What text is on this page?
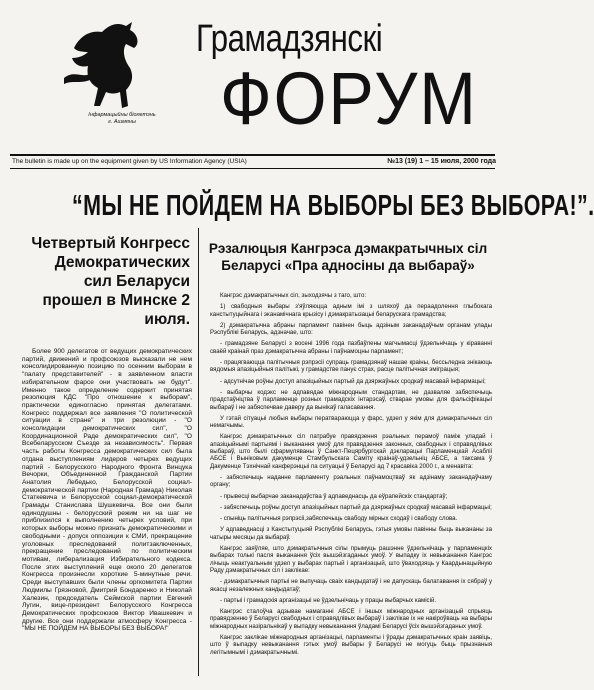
Інфармацыйны біолетэнь
г. Ашмяны
Грамадзянскі
ФОРУМ
The bulletin is made up on the equipment given by US Information Agency (USIA)	№13 (19) 1 – 15 июля, 2000 года
“МЫ НЕ ПОЙДЕМ НА ВЫБОРЫ БЕЗ ВЫБОРА!”.
Четвертый Конгресс Демократических сил Беларуси прошел в Минске 2 июля.

Более 900 делегатов от ведущих демократических партий, движений и профсоюзов высказали не нем консолидированную позицию по осенним выборам в "палату представителей" - в заявленном власти избирательном фарсе они участвовать не будут". Именно такое определение содержит принятая резолюция КДС "Про отношение к выборам", практически единогласно принятая делегатами. Конгресс поддержал все заявления "О политической ситуации в стране" и три резолюции - "О консолидации демократических сил", "О Координационной Раде демократических сил", "О Всебеларусском Съезде за независимость". Первая часть работы Конгресса демократических сил была отдана выступлениям лидеров четырех ведущих партий - Белорусского Народного Фронта Винцука Вечорки, Объединенной Гражданской Партии Анатолия Лебедько, Белорусской социал-демократической партии (Народная Грамада) Николая Статкевича и Белорусской социал-демократической Грамады Станислава Шушкевича. Все они были единодушны - белорусский режим ни на шаг не приблизился к выполнению четырех условий, при которых выборы можно признать демократическими и свободными - допуск оппозиции к СМИ, прекращение уголовных преследований политзаключенных, прекращение преследований по политическим мотивам, либерализация Избирательного кодекса. После этих выступлений еще около 20 делегатов Конгресса произнесли короткие 5-минутные речи. Среди выступавших были члены оргкомитета Партии Людмилы Грязновой, Дмитрий Бондаренко и Николай Халезин, председатель Сеймской партии Евгений Лугин, вице-президент Белорусского Конгресса Демократических профсоюзов Виктор Ивашкевич и другие. Все они поддержали атмосферу Конгресса - "МЫ НЕ ПОЙДЕМ НА ВЫБОРЫ БЕЗ ВЫБОРА!"

Рэзалюцыя Кангрэса дэмакратычных сіл Беларусі «Пра адносіны да выбараў»

Кангрэс дэмакратычных сіл, зыходзячы з таго, што:

1) свабодныя выбары з'яўляюцца адным імі з шляхоў да пераадолення глыбокага канстытуцыйнага і эканамічнага крызісу і дэмакратызацыі беларускага грамадства;

2) дэмакратычна абраны парламент павінен быць адзіным заканадаўчым органам улады Рэспублікі Беларусь, адзначае, што:

- грамадзяне Беларусі з восені 1996 года пазбаўлены магчымасці ўдзельнічаць у кіраванні сваёй краінай праз дэмакратычна абраны і паўнамоцны парламент;

- працягваюцца палітычныя рэпрэсіі супраць грамадзянаў нашае краіны, бессьледна знікаюць вядомыя апазіцыйныя палітыкі, у грамадстве панує страх, расце палітычная эміграцыя;

- адсутнічае роўны доступ апазіцыйных партый да дзяржаўных сродкаў масавай інфармацыі;

- выбарчы кодэкс не адпавядае міжнародным стандартам, не дазваляе забяспечыць прадстаўніцтва ў парламенце розных грамадскіх інтарэсаў, стварае умовы для фальсіфікацыі выбараў і не забяспечвае даверу да вынікаў галасавання.

У гэтай сітуацыі любыя выбары ператвараюцца у фарс, удзел у якім для дэмакратычных сіл немагчымы.

Кангрэс дэмакратычных сіл патрабуе правядзення рэальных перамоў паміж уладай і апазіцыйнымі партыямі і выканання умоў для правядзення законных, свабодных і справядлівых выбараў, што былі сфармуляваны ў Санкт-Пецярбургскай дэкларацыі Парламенцкай Асабліі АБСЕ і Выніковым дакуменце Стамбульскага Саміту краінаў-удзельніц АБСЕ, а таксама ў Дакуменце Тэхнічнай канферэнцыі па ситуацыі ў Беларусі ад 7 красавіка 2000 г., а менавіта:

- забяспечыць наданне парламенту рэальных паўнамоцтваў як адзінаму заканадаўчаму органу;

- прывесці выбарчае заканадаўства ў адпаведнасць да еўрапейскіх стандартаў;

- забяспечыць роўны доступ апазіцыйных партый да дзяржаўных сродкаў масавай інфармацыі;

- спыніць палітычныя рэпрэсіі,забяспечыць свабоду мірных сходаў і свабоду слова.

У адпаведнасці з Канстытуцыяй Рэспублікі Беларусь, гэтыя умовы павінны быць выкананы за чатыры месяцы да выбараў.

Кангрэс заяўляе, што дэмакратычныя сілы прымуць рашэнне ўдзельнічаць у парламенцкіх выбарах толькі пасля выканання ўсіх вышэйзгаданых умоў. У выпадку іх невыканання Кангрэс лічыць неактуальным удзел у выбарах партый і арганізацый, што ўваходзяць у Каардынацыйную Раду дэмакратычных сіл і заклікае:

- дэмакратычныя партыі не выпучаць сваіх кандыдатаў і не дапускаць балатавання іх сябраў у якасці незалежных кандыдатаў;

- партыі і грамадскія арганізацыі не ўдзельнічаць у працы выбарчых камісій.

Кангрэс сталоўча адзывае намаганні АБСЕ і іншых міжнародных арганізацый спрыяць правядзенню ў Беларусі свабодных і справядлівых выбараў і заклікае іх не накіроўваць на выбары міжнародных назіральнікаў у выпадку невыканання ўладамі Беларусі ўсіх вышэйзгаданых умоў.

Кангрэс заклікае міжнародныя арганізацыі, парламенты і ўрады дэмакратычных краін заявіць, што ў выпадку невыканання гэтых умоў выбары ў Беларусі не могуць быць прызнаныя легітымнымі і дэмакратычнымі.
